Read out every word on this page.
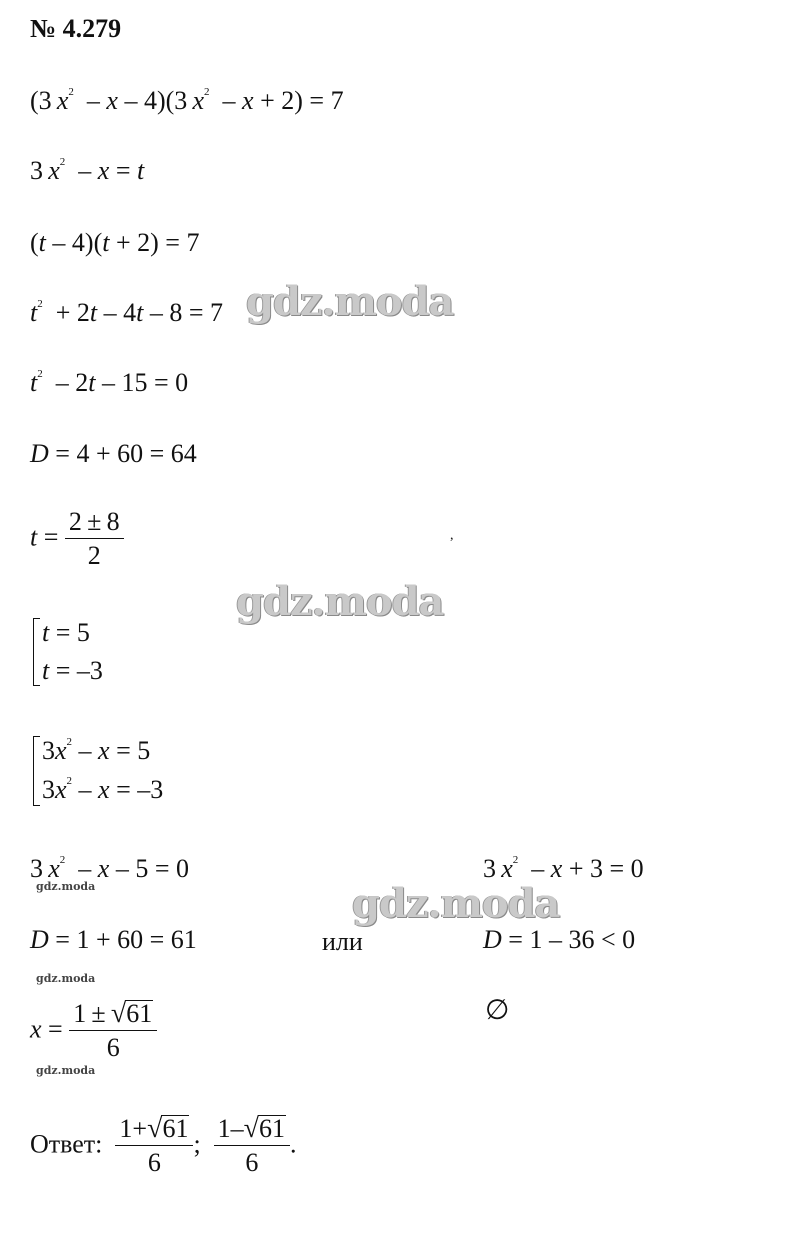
№ 4.279
(3 $x^2$ – x – 4)(3 $x^2$ – x + 2) = 7
3 $x^2$ – x = t
(t – 4)(t + 2) = 7
$t^2$ + 2t – 4t – 8 = 7
$t^2$ – 2t – 15 = 0
D = 4 + 60 = 64
$t = \frac{2 \pm 8}{2}$	,
t = 5
t = –3
$3x^2 - x = 5$
$3x^2 - x = -3$
3 $x^2$ – x – 5 = 0
D = 1 + 60 = 61
$x = \frac{1 \pm √61}{6}$
или
3 $x^2$ – x + 3 = 0
D = 1 – 36 < 0
∅
Ответ: $\frac{1+√61}{6}$ ; $\frac{1-√61}{6}$ .
gdz.moda
gdz.moda
gdz.moda
gdz.moda
gdz.moda
gdz.moda
